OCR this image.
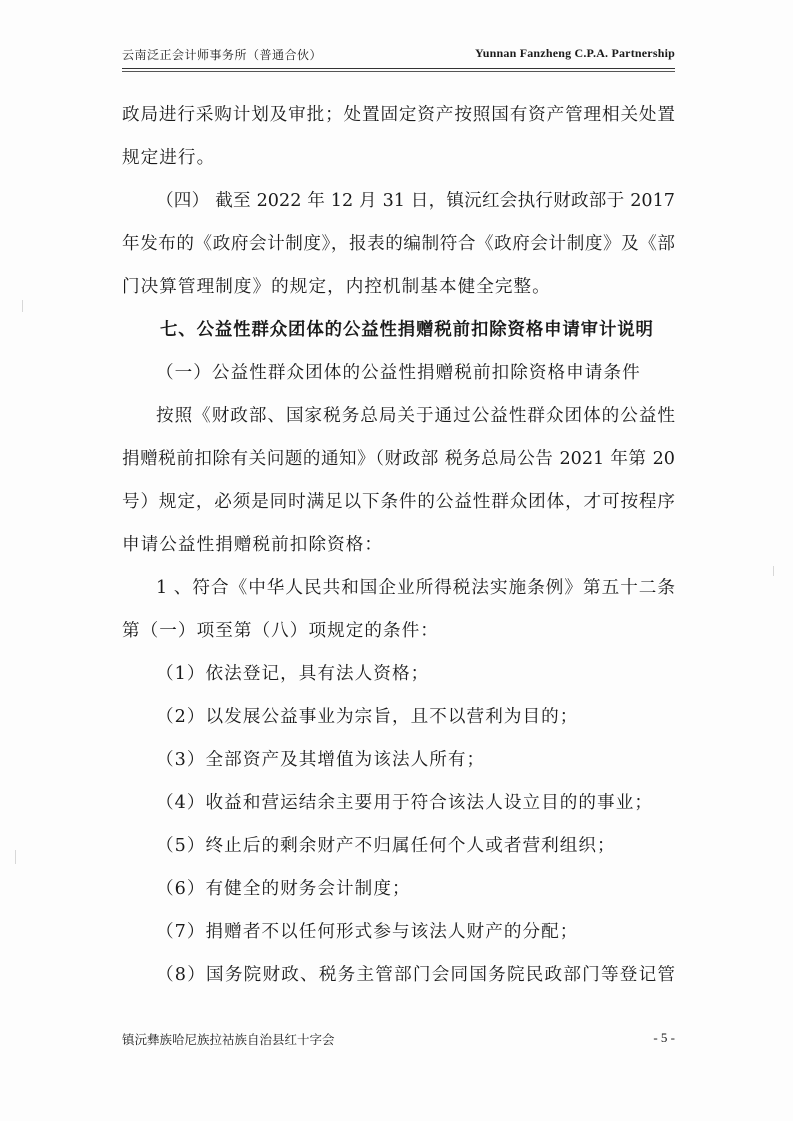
云南泛正会计师事务所（普通合伙）	Yunnan Fanzheng C.P.A. Partnership
政局进行采购计划及审批；处置固定资产按照国有资产管理相关处置
规定进行。
（四） 截至 2022 年 12 月 31 日，镇沅红会执行财政部于 2017
年发布的《政府会计制度》，报表的编制符合《政府会计制度》及《部
门决算管理制度》的规定，内控机制基本健全完整。
七、公益性群众团体的公益性捐赠税前扣除资格申请审计说明
（一）公益性群众团体的公益性捐赠税前扣除资格申请条件
按照《财政部、国家税务总局关于通过公益性群众团体的公益性
捐赠税前扣除有关问题的通知》（财政部 税务总局公告 2021 年第 20
号）规定，必须是同时满足以下条件的公益性群众团体，才可按程序
申请公益性捐赠税前扣除资格：
1 、符合《中华人民共和国企业所得税法实施条例》第五十二条
第（一）项至第（八）项规定的条件：
（1）依法登记，具有法人资格；
（2）以发展公益事业为宗旨，且不以营利为目的；
（3）全部资产及其增值为该法人所有；
（4）收益和营运结余主要用于符合该法人设立目的的事业；
（5）终止后的剩余财产不归属任何个人或者营利组织；
（6）有健全的财务会计制度；
（7）捐赠者不以任何形式参与该法人财产的分配；
（8）国务院财政、税务主管部门会同国务院民政部门等登记管
镇沅彝族哈尼族拉祜族自治县红十字会	- 5 -
